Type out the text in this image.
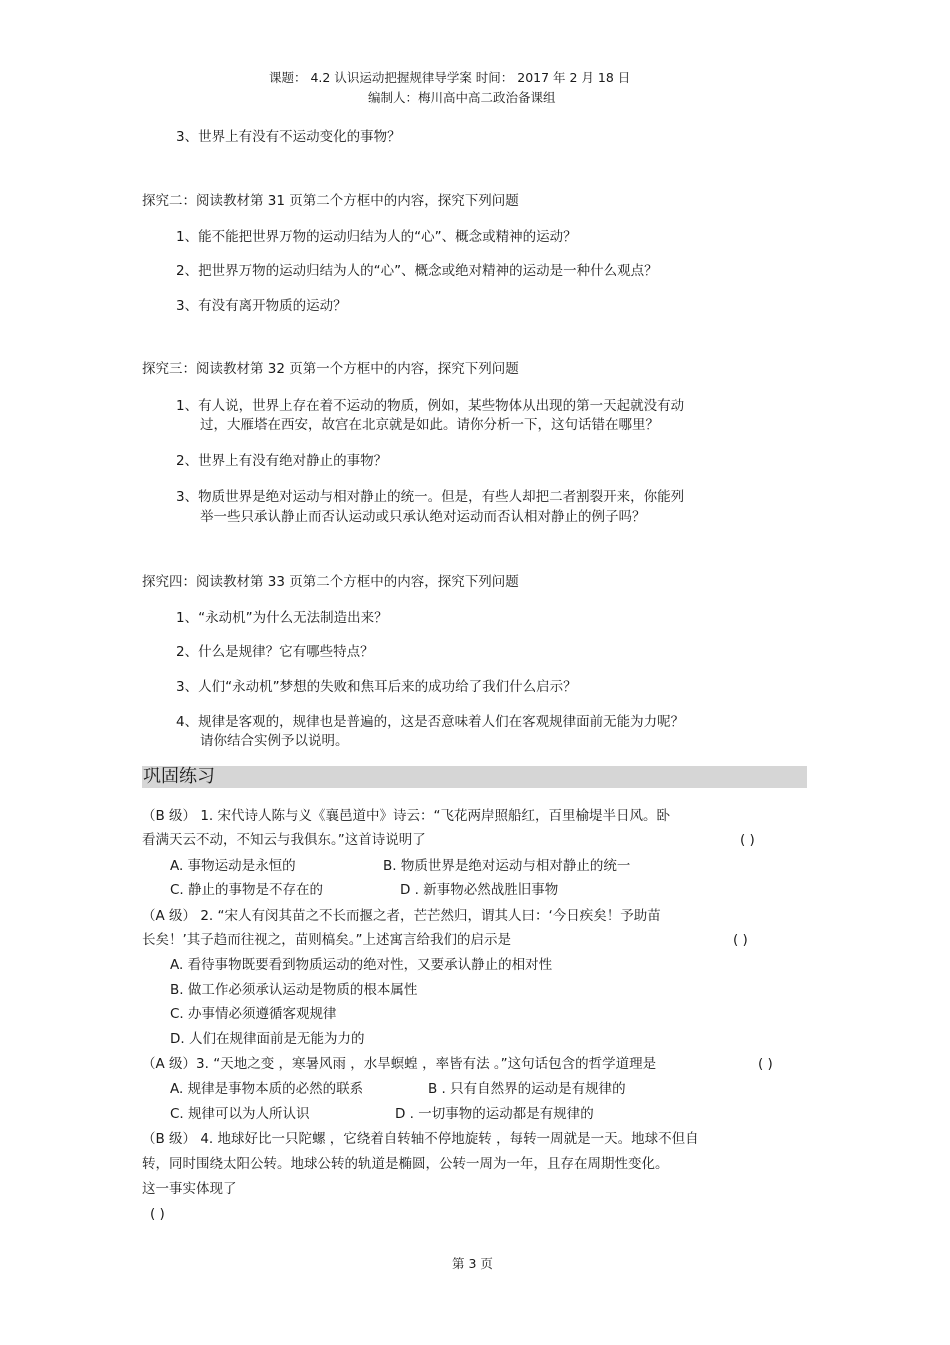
课题： 4.2 认识运动把握规律导学案 时间： 2017 年 2 月 18 日
编制人：梅川高中高二政治备课组
3、世界上有没有不运动变化的事物？
探究二：阅读教材第 31 页第二个方框中的内容，探究下列问题
1、能不能把世界万物的运动归结为人的“心”、概念或精神的运动？
2、把世界万物的运动归结为人的“心”、概念或绝对精神的运动是一种什么观点？
3、有没有离开物质的运动？
探究三：阅读教材第 32 页第一个方框中的内容，探究下列问题
1、有人说，世界上存在着不运动的物质，例如，某些物体从出现的第一天起就没有动
过，大雁塔在西安，故宫在北京就是如此。请你分析一下，这句话错在哪里？
2、世界上有没有绝对静止的事物？
3、物质世界是绝对运动与相对静止的统一。但是，有些人却把二者割裂开来，你能列
举一些只承认静止而否认运动或只承认绝对运动而否认相对静止的例子吗？
探究四：阅读教材第 33 页第二个方框中的内容，探究下列问题
1、“永动机”为什么无法制造出来？
2、什么是规律？它有哪些特点？
3、人们“永动机”梦想的失败和焦耳后来的成功给了我们什么启示？
4、规律是客观的，规律也是普遍的，这是否意味着人们在客观规律面前无能为力呢？
请你结合实例予以说明。
巩固练习
（B 级） 1. 宋代诗人陈与义《襄邑道中》诗云：“飞花两岸照船红，百里榆堤半日风。卧
看满天云不动，不知云与我俱东。”这首诗说明了	( )
A. 事物运动是永恒的	B. 物质世界是绝对运动与相对静止的统一
C. 静止的事物是不存在的	D . 新事物必然战胜旧事物
（A 级） 2. “宋人有闵其苗之不长而揠之者，芒芒然归，谓其人曰：‘今日疾矣！予助苗
长矣！’其子趋而往视之，苗则槁矣。”上述寓言给我们的启示是	( )
A. 看待事物既要看到物质运动的绝对性，又要承认静止的相对性
B. 做工作必须承认运动是物质的根本属性
C. 办事情必须遵循客观规律
D. 人们在规律面前是无能为力的
（A 级）3. “天地之变 ，寒暑风雨 ，水旱螟蝗 ，率皆有法 。”这句话包含的哲学道理是	( )
A. 规律是事物本质的必然的联系	B . 只有自然界的运动是有规律的
C. 规律可以为人所认识	D . 一切事物的运动都是有规律的
（B 级） 4. 地球好比一只陀螺 ，它绕着自转轴不停地旋转 ，每转一周就是一天。地球不但自
转，同时围绕太阳公转。地球公转的轨道是椭圆，公转一周为一年，且存在周期性变化。
这一事实体现了
( )
第 3 页
